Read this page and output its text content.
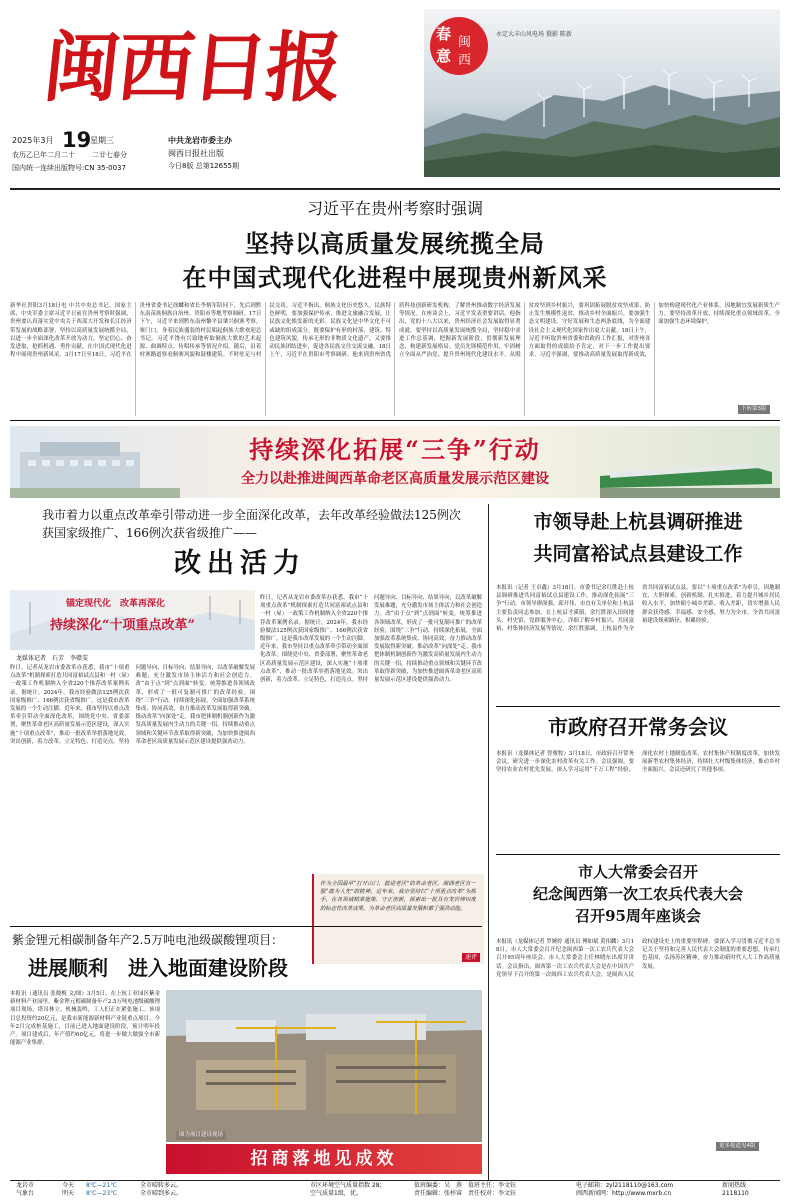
闽西日报
2025年3月 19
星期三
农历乙巳年二月二十 二廿七春分
国内统一连续出版物号:CN 35-0037
中共龙岩市委主办
闽西日报社出版
今日8版 总第12655期
春
意
闽
西
永定大丰山风电场 摄影 陈新
习近平在贵州考察时强调
坚持以高质量发展统揽全局
在中国式现代化进程中展现贵州新风采
新华社贵阳3月18日电 中共中央总书记、国家主席、中央军委主席习近平日前在贵州考察时强调，贵州要认真落实党中央关于西部大开发和长江经济带发展的战略部署，坚持以高质量发展统揽全局，以进一步全面深化改革开放为动力，坚定信心、奋发进取，抢抓机遇、勇作贡献，在中国式现代化进程中展现贵州新风采。3月17日至18日，习近平在贵州省委书记徐麟和省长李炳军陪同下，先后到黔东南苗族侗族自治州、贵阳市等地考察调研。17日下午，习近平来到黔东南州黎平县肇兴侗寨考察。寨门口，身着民族盛装的村民唱起侗族大歌欢迎总书记。习近平饶有兴致地听取侗族大歌的艺术起源、曲调特点、传唱传承等情况介绍。随后，沿着村寨路道察看侗寨风貌和鼓楼建筑。不时驻足与村民交谈。习近平指出，侗族文化历史悠久，民族特色鲜明，要加强保护传承，推进文旅融合发展，让民族文化焕发新的光彩。民族文化是中华文化不可或缺的组成部分，既要保护有形的村落、建筑、特色建筑风貌，传承无形的非物质文化遗产，又要推动民族团结进步，促进各民族交往交流交融。18日上午，习近平在贵阳市考察调研。他来到贵州省优质科技创新研发机构，了解贵州推动数字经济发展等情况。在座谈会上，习近平发表重要讲话。他指出，党的十八大以来，贵州经济社会发展取得显著成就，要坚持以高质量发展统揽全局，坚持稳中求进工作总基调，把握新发展阶段，贯彻新发展理念，构建新发展格局。党员先锋模范作用，牢固树立全面从严治党、提升贵州现代化建设水平。从脱贫攻坚到乡村振兴，要巩固拓展脱贫攻坚成果，防止发生规模性返贫，推动乡村全面振兴。要加强生态文明建设，守好发展和生态两条底线，为全面建设社会主义现代化国家作出更大贡献。18日上午，习近平听取贵州省委和省政府工作汇报，对贵州各方面取得的成绩给予肯定，对下一步工作提出要求。习近平强调，要推动高质量发展取得新成效，加快构建现代化产业体系，因地制宜发展新质生产力。要坚持改革开放，持续深化重点领域改革，全面加强生态环境保护。
下转第3版
持续深化拓展“三争”行动
全力以赴推进闽西革命老区高质量发展示范区建设
我市着力以重点改革牵引带动进一步全面深化改革，去年改革经验做法125例次获国家级推广、166例次获省级推广——
改出活力
锚定现代化　改革再深化
持续深化“十项重点改革”
龙媒体记者　石芳　李赣雯
昨日，记者从龙岩市委改革办获悉，我市“十项重点改革”机制探索打造共同富裕试点县和一村（屋）一政策工作机制纳入全省220个推荐改革案例名录。据统计，2024年，我市经验做法125例次获国家级推广、166例次获省级推广。这是我市改革发展的一个生动注脚。近年来，我市坚持以重点改革牵引带动全面深化改革，围绕党中央、省委部署，聚焦革命老区高质量发展示范区建设，深入实施“十项重点改革”，推动一批改革举措落地见效。突出创新，着力改革。立足特色，打造亮点。坚持问题导向、目标导向、结果导向，以改革破解发展难题，充分激发市场主体活力和社会创造力。改“由于点”到“点到面”转变，统筹推进各领域改革，形成了一批可复制可推广的改革经验。围绕“三争”行动，持续深化拓展，全面加强改革系统集成、协同高效，奋力推动改革发展取得新突破。推动改革“向深处”走。我市把体制机制创新作为激发高质量发展内生动力的关键一招，持续推动重点领域和关键环节改革取得新突破，为加快推进闽西革命老区高质量发展示范区建设提供强劲动力。
昨日，记者从龙岩市委改革办获悉，我市“十项重点改革”机制探索打造共同富裕试点县和一村（屋）一政策工作机制纳入全省220个推荐改革案例名录。据统计，2024年，我市经验做法125例次获国家级推广、166例次获省级推广。这是我市改革发展的一个生动注脚。近年来，我市坚持以重点改革牵引带动全面深化改革，围绕党中央、省委部署，聚焦革命老区高质量发展示范区建设，深入实施“十项重点改革”，推动一批改革举措落地见效。突出创新，着力改革。立足特色，打造亮点。坚持问题导向、目标导向、结果导向，以改革破解发展难题，充分激发市场主体活力和社会创造力。改“由于点”到“点到面”转变，统筹推进各领域改革，形成了一批可复制可推广的改革经验。围绕“三争”行动，持续深化拓展，全面加强改革系统集成、协同高效，奋力推动改革发展取得新突破。推动改革“向深处”走。我市把体制机制创新作为激发高质量发展内生动力的关键一招，持续推动重点领域和关键环节改革取得新突破，为加快推进闽西革命老区高质量发展示范区建设提供强劲动力。
作为全国最早“打开山门、挺进老区”的革命老区，闽西老区有一股“敢为人先”的精神。近年来，我市坚持以“十项重点改革”为抓手，在各领域精准施策、守正创新，探索出一批具有龙岩辨识度的标志性改革成果，为革命老区高质量发展积蓄了强劲动能。
速评
紫金锂元相碳制备年产2.5万吨电池级碳酸锂项目：
进展顺利　进入地面建设阶段
本报讯（通讯员 张晓梅 文/图）3月5日，在上杭工业园区紫金新材料产业园里，紫金锂元相碳制备年产2.5万吨电池级碳酸锂项目现场，塔吊林立、机械轰鸣，工人们正在紧张施工。该项目总投资约20亿元，是我市新能源新材料产业链重点项目，今年2月完成桩基施工，目前已进入地面建设阶段，预计明年投产。项目建成后，年产值约60亿元，将进一步做大做强全市新能源产业集群。
图为项目建设现场
招商落地见成效
市领导赴上杭县调研推进
共同富裕试点县建设工作
本报讯（记者 王卓鑫）3月18日，市委书记余红胜赴上杭县调研推进共同富裕试点县建设工作，推动深化拓展“三争”行动。市领导廖深强、邱开伟，市直有关单位和上杭县主要负责同志参加。在上杭县才溪镇，余红胜深入田间地头、村史馆、党群服务中心，详细了解乡村振兴、共同富裕、村集体经济发展等情况。余红胜强调，上杭县作为全省共同富裕试点县，要以“十项重点改革”为牵引，因地制宜、大胆探索，创新机制、扎实推进，着力提升城乡居民收入水平，加快缩小城乡差距、收入差距，切实增强人民群众获得感、幸福感、安全感，努力为全市、全省共同富裕建设探索路径、积累经验。
市政府召开常务会议
本报讯（龙媒体记者 曾俊牧）3月18日，市政府召开常务会议，研究进一步深化农村改革有关工作。会议强调，要坚持农业农村优先发展，深入学习运用“千万工程”经验，深化农村土地制度改革、农村集体产权制度改革，加快发展新型农村集体经济，持续壮大村级集体经济，推动乡村全面振兴。会议还研究了其他事项。
市人大常委会召开
纪念闽西第一次工农兵代表大会
召开95周年座谈会
本报讯（龙媒体记者 罗婉婷 通讯员 傅如斌 黄伟麟）3月18日，市人大常委会召开纪念闽西第一次工农兵代表大会召开95周年座谈会。市人大常委会主任林晓东出席并讲话。会议指出，闽西第一次工农兵代表大会是在中国共产党领导下召开的第一次闽西工农兵代表大会，是闽西人民政权建设史上的重要里程碑。要深入学习贯彻习近平总书记关于坚持和完善人民代表大会制度的重要思想，传承红色基因，弘扬苏区精神，奋力推动新时代人大工作高质量发展。
更多报道见4版
龙岩市
气象台
今天
明天
8℃—21℃
8℃—23℃
全市晴转多云。
全市晴到多云。
市区环境空气质量指数 28;
空气质量1级，优。
值班编委：吴　燕　值班主任：李文钰
责任编辑：张梓睿　责任校对：李文钰
电子邮箱：zyl2118110@163.com
闽西新闻网：http://www.mxrb.cn
新闻热线
2118110
